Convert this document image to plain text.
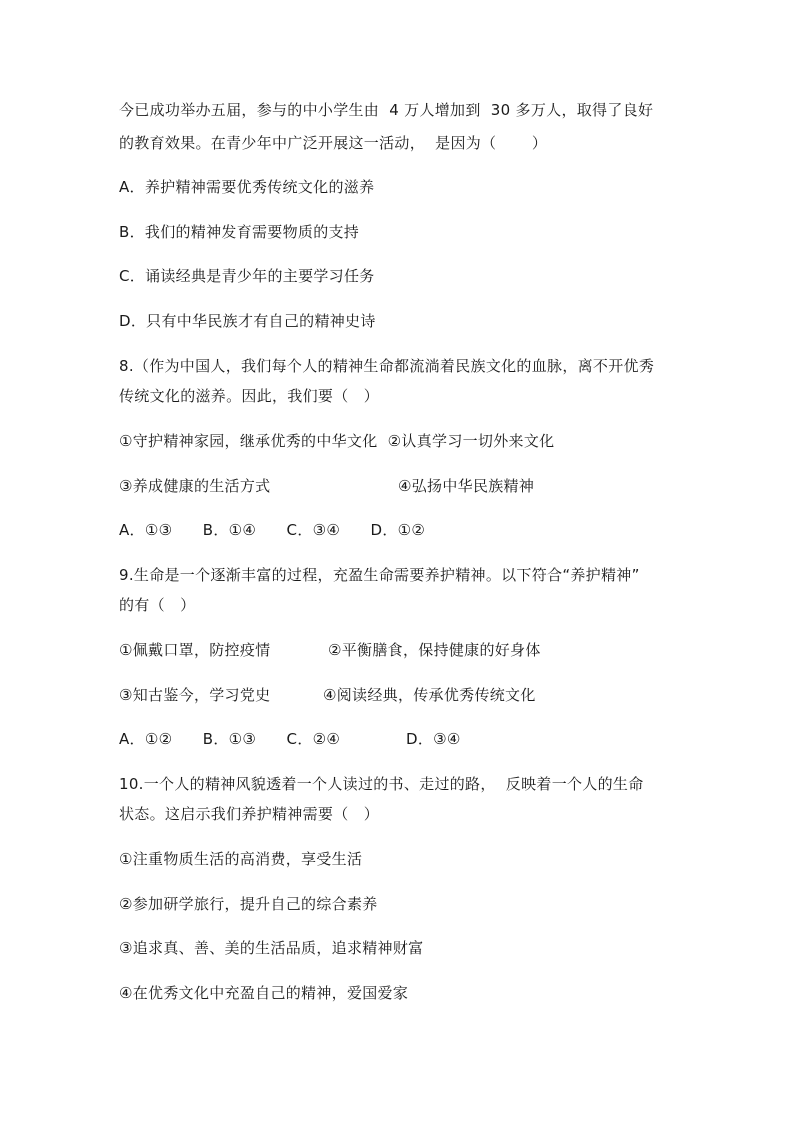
今已成功举办五届，参与的中小学生由  4 万人增加到  30 多万人，取得了良好
的教育效果。在青少年中广泛开展这一活动，  是因为（       ）
A．养护精神需要优秀传统文化的滋养
B．我们的精神发育需要物质的支持
C．诵读经典是青少年的主要学习任务
D．只有中华民族才有自己的精神史诗
8.（作为中国人，我们每个人的精神生命都流淌着民族文化的血脉，离不开优秀
传统文化的滋养。因此，我们要（   ）
①守护精神家园，继承优秀的中华文化  ②认真学习一切外来文化
③养成健康的生活方式	④弘扬中华民族精神
A．①③      B．①④      C．③④      D．①②
9.生命是一个逐渐丰富的过程，充盈生命需要养护精神。以下符合“养护精神”
的有（   ）
①佩戴口罩，防控疫情	②平衡膳食，保持健康的好身体
③知古鉴今，学习党史	④阅读经典，传承优秀传统文化
A．①②      B．①③      C．②④             D．③④
10.一个人的精神风貌透着一个人读过的书、走过的路，  反映着一个人的生命
状态。这启示我们养护精神需要（   ）
①注重物质生活的高消费，享受生活
②参加研学旅行，提升自己的综合素养
③追求真、善、美的生活品质，追求精神财富
④在优秀文化中充盈自己的精神，爱国爱家
